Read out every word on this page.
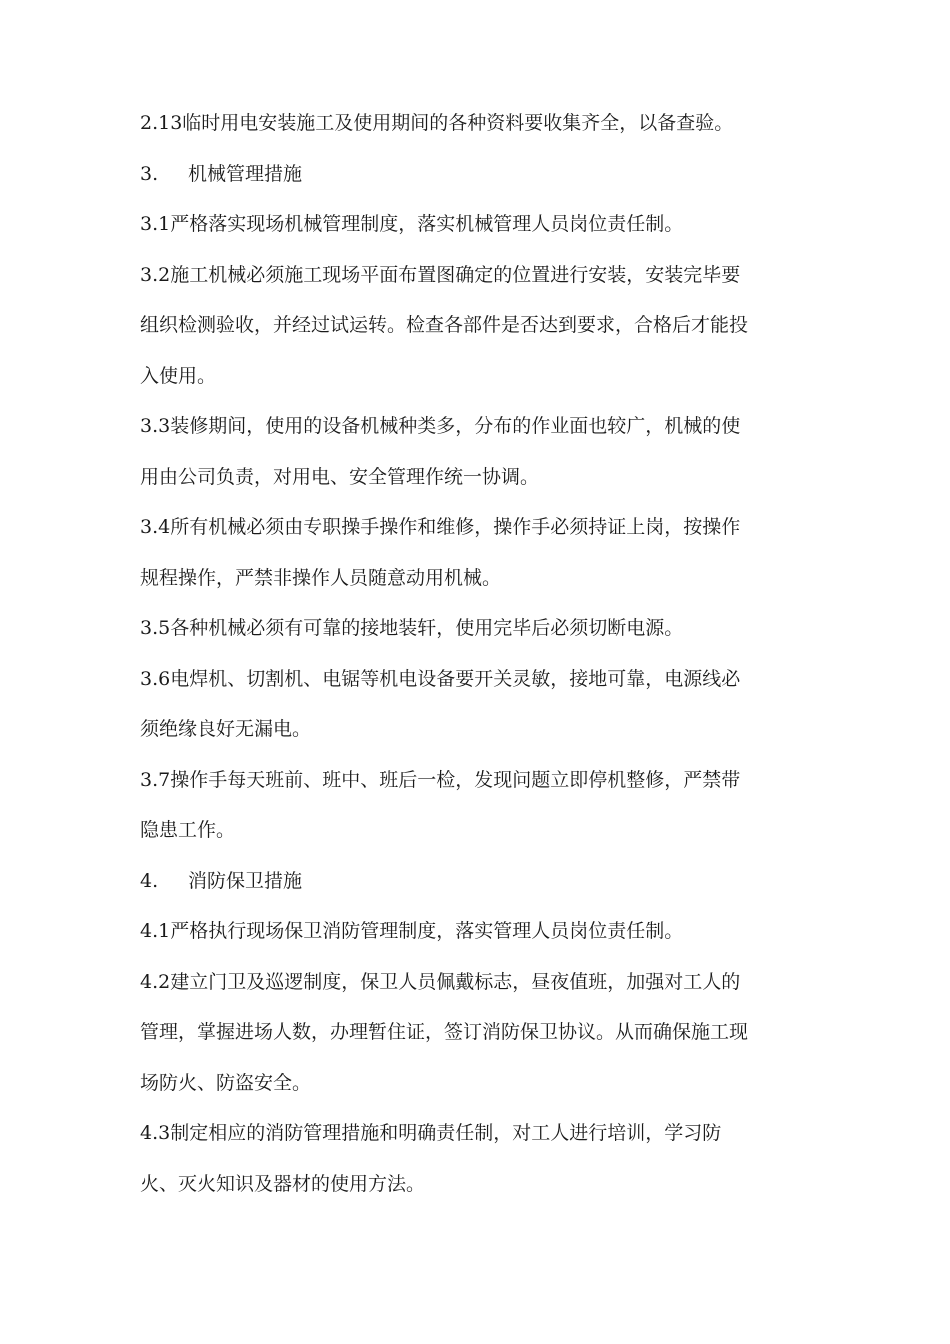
2.13临时用电安装施工及使用期间的各种资料要收集齐全，以备查验。
3. 机械管理措施
3.1严格落实现场机械管理制度，落实机械管理人员岗位责任制。
3.2施工机械必须施工现场平面布置图确定的位置进行安装，安装完毕要
组织检测验收，并经过试运转。检查各部件是否达到要求，合格后才能投
入使用。
3.3装修期间，使用的设备机械种类多，分布的作业面也较广，机械的使
用由公司负责，对用电、安全管理作统一协调。
3.4所有机械必须由专职操手操作和维修，操作手必须持证上岗，按操作
规程操作，严禁非操作人员随意动用机械。
3.5各种机械必须有可靠的接地装轩，使用完毕后必须切断电源。
3.6电焊机、切割机、电锯等机电设备要开关灵敏，接地可靠，电源线必
须绝缘良好无漏电。
3.7操作手每天班前、班中、班后一检，发现问题立即停机整修，严禁带
隐患工作。
4. 消防保卫措施
4.1严格执行现场保卫消防管理制度，落实管理人员岗位责任制。
4.2建立门卫及巡逻制度，保卫人员佩戴标志，昼夜值班，加强对工人的
管理，掌握进场人数，办理暂住证，签订消防保卫协议。从而确保施工现
场防火、防盗安全。
4.3制定相应的消防管理措施和明确责任制，对工人进行培训，学习防
火、灭火知识及器材的使用方法。
